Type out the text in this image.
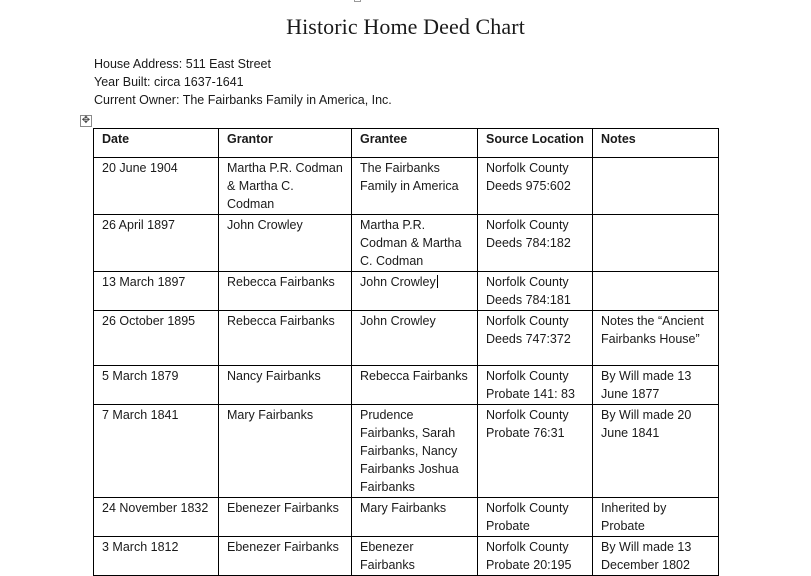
Historic Home Deed Chart
House Address: 511 East Street
Year Built: circa 1637-1641
Current Owner: The Fairbanks Family in America, Inc.
✥
Date	Grantor	Grantee	Source Location	Notes
20 June 1904	Martha P.R. Codman & Martha C. Codman	The Fairbanks Family in America	Norfolk County Deeds 975:602	
26 April 1897	John Crowley	Martha P.R. Codman & Martha C. Codman	Norfolk County Deeds 784:182	
13 March 1897	Rebecca Fairbanks	John Crowley	Norfolk County Deeds 784:181	
26 October 1895	Rebecca Fairbanks	John Crowley	Norfolk County Deeds 747:372	Notes the “Ancient Fairbanks House”
5 March 1879	Nancy Fairbanks	Rebecca Fairbanks	Norfolk County Probate 141: 83	By Will made 13 June 1877
7 March 1841	Mary Fairbanks	Prudence Fairbanks, Sarah Fairbanks, Nancy Fairbanks Joshua Fairbanks	Norfolk County Probate 76:31	By Will made 20 June 1841
24 November 1832	Ebenezer Fairbanks	Mary Fairbanks	Norfolk County Probate	Inherited by Probate
3 March 1812	Ebenezer Fairbanks	Ebenezer Fairbanks	Norfolk County Probate 20:195	By Will made 13 December 1802
